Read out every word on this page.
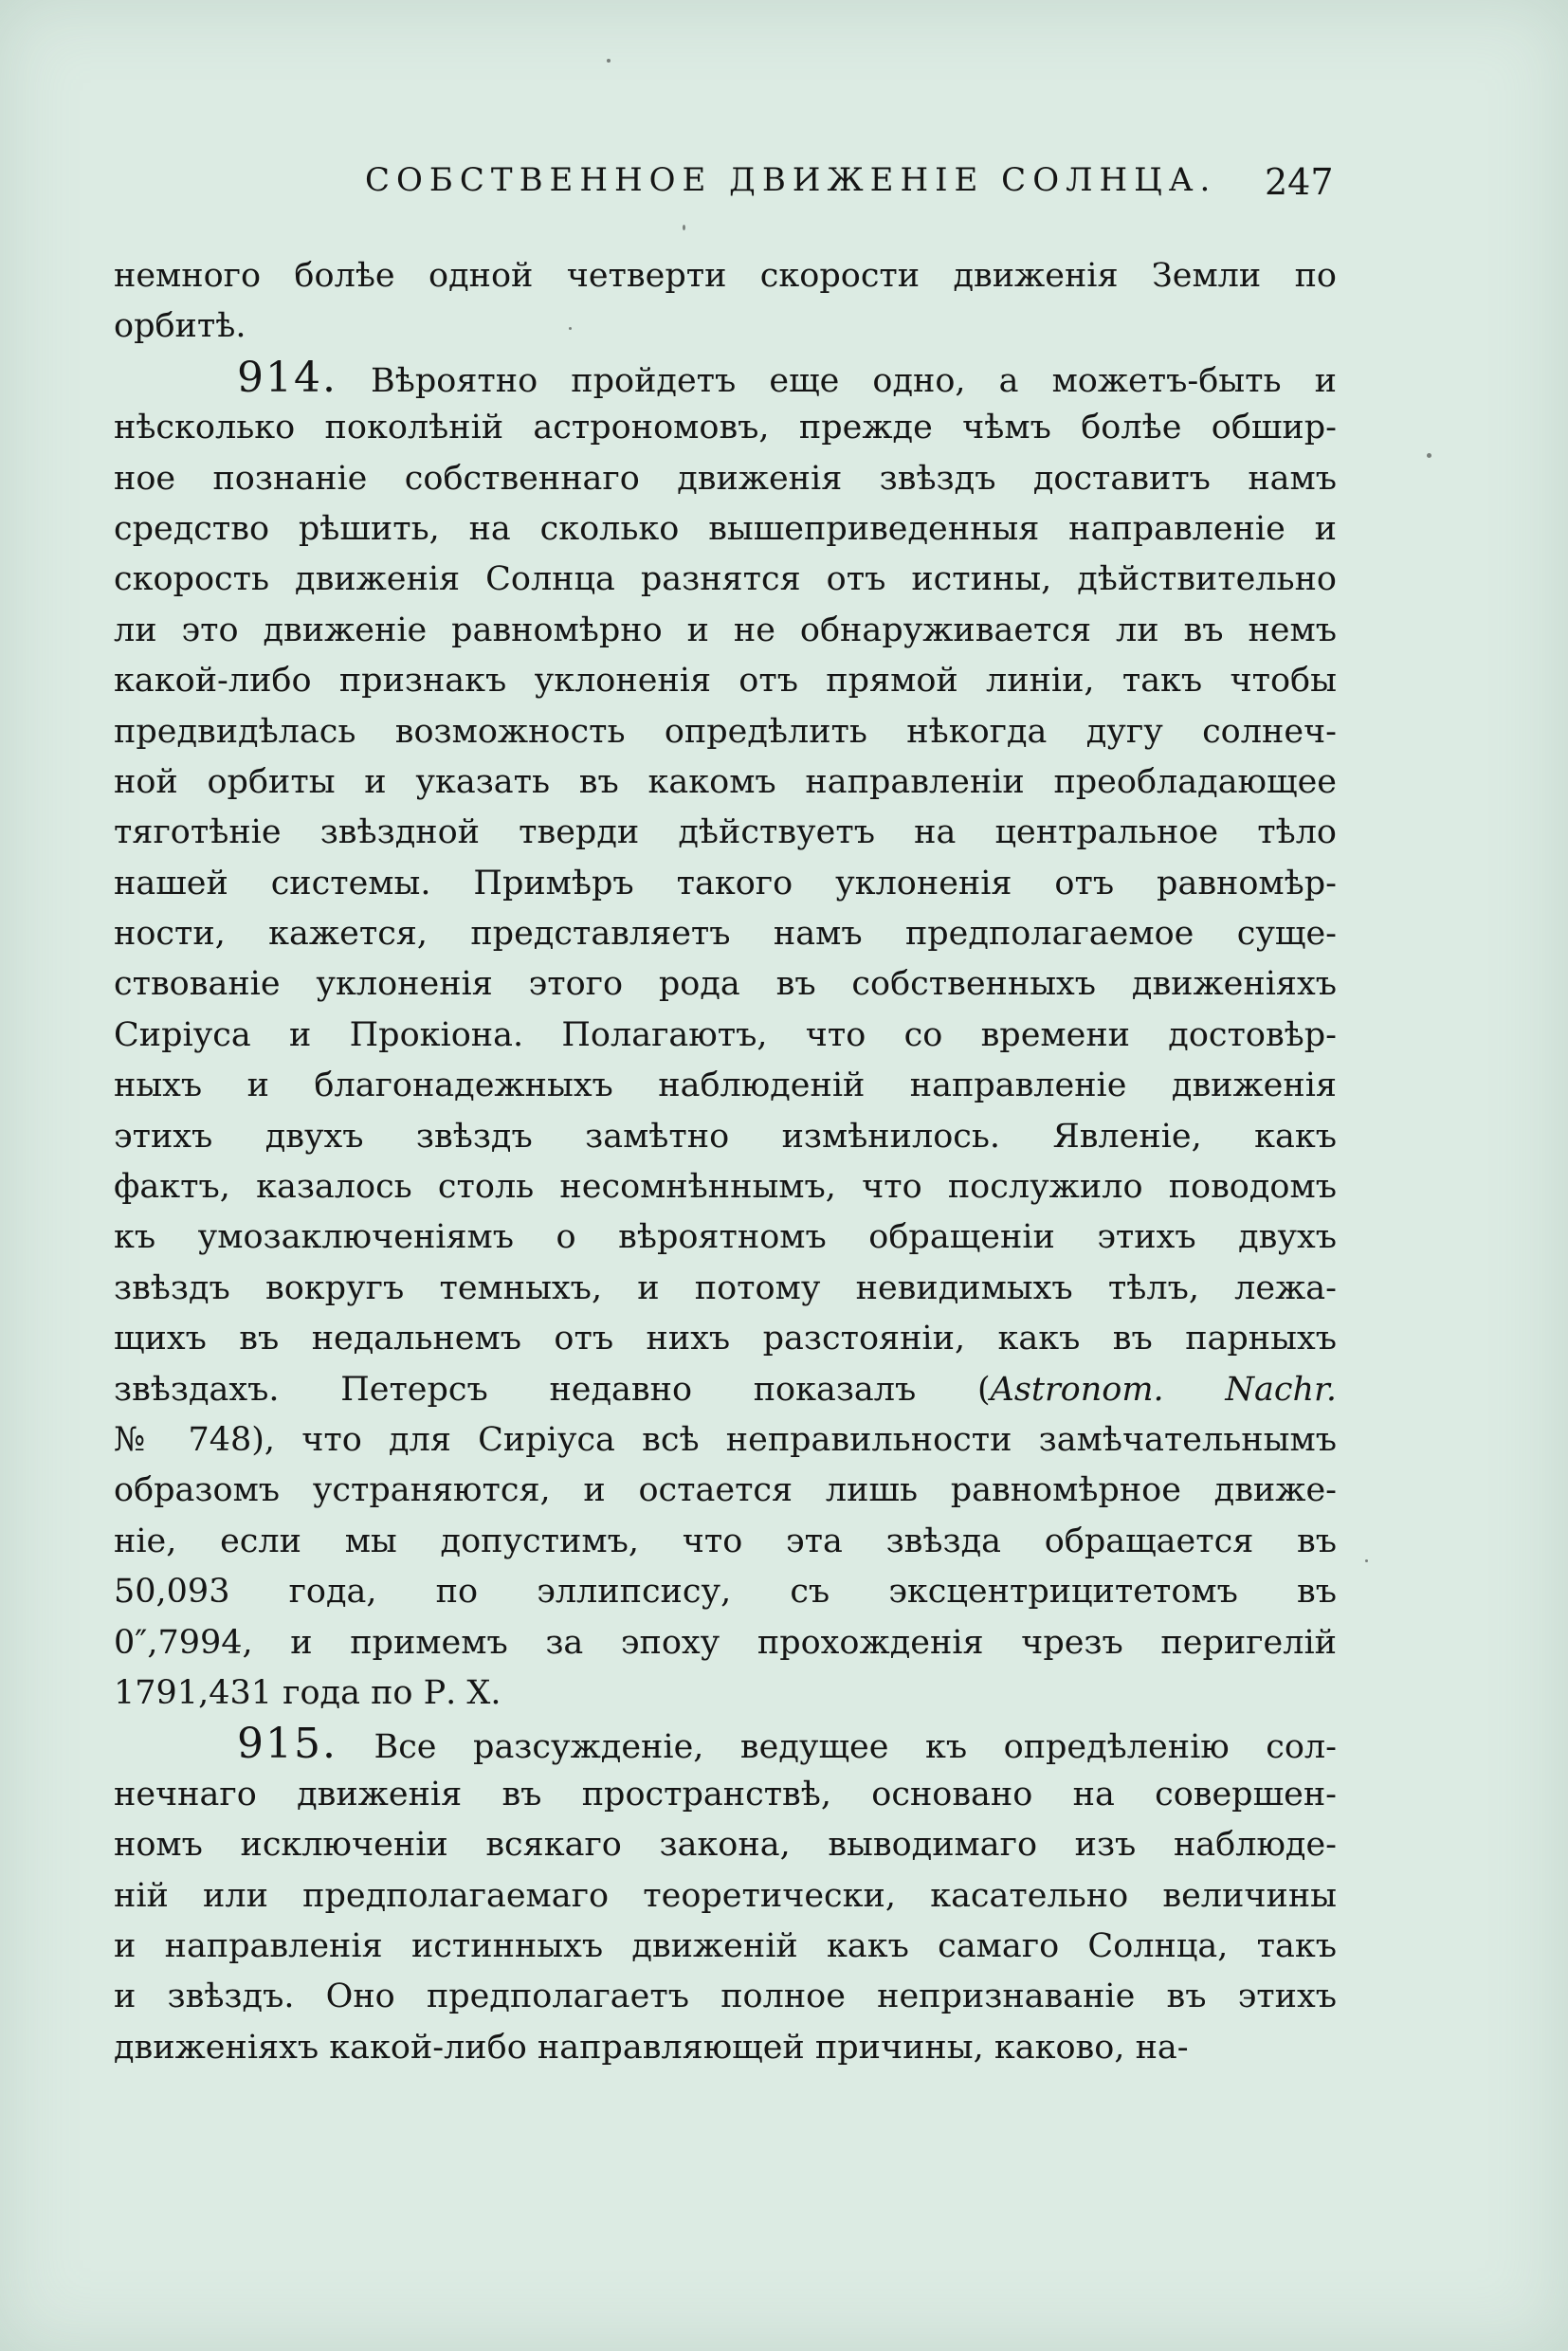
СОБСТВЕННОЕ ДВИЖЕНІЕ СОЛНЦА. 247

немного болѣе одной четверти скорости движенія Земли по

орбитѣ.

914. Вѣроятно пройдетъ еще одно, а можетъ-быть и

нѣсколько поколѣній астрономовъ, прежде чѣмъ болѣе обшир-

ное познаніе собственнаго движенія звѣздъ доставитъ намъ

средство рѣшить, на сколько вышеприведенныя направленіе и

скорость движенія Солнца разнятся отъ истины, дѣйствительно

ли это движеніе равномѣрно и не обнаруживается ли въ немъ

какой-либо признакъ уклоненія отъ прямой линіи, такъ чтобы

предвидѣлась возможность опредѣлить нѣкогда дугу солнеч-

ной орбиты и указать въ какомъ направленіи преобладающее

тяготѣніе звѣздной тверди дѣйствуетъ на центральное тѣло

нашей системы. Примѣръ такого уклоненія отъ равномѣр-

ности, кажется, представляетъ намъ предполагаемое суще-

ствованіе уклоненія этого рода въ собственныхъ движеніяхъ

Сиріуса и Прокіона. Полагаютъ, что со времени достовѣр-

ныхъ и благонадежныхъ наблюденій направленіе движенія

этихъ двухъ звѣздъ замѣтно измѣнилось. Явленіе, какъ

фактъ, казалось столь несомнѣннымъ, что послужило поводомъ

къ умозаключеніямъ о вѣроятномъ обращеніи этихъ двухъ

звѣздъ вокругъ темныхъ, и потому невидимыхъ тѣлъ, лежа-

щихъ въ недальнемъ отъ нихъ разстояніи, какъ въ парныхъ

звѣздахъ. Петерсъ недавно показалъ (Astronom. Nachr.

№ 748), что для Сиріуса всѣ неправильности замѣчательнымъ

образомъ устраняются, и остается лишь равномѣрное движе-

ніе, если мы допустимъ, что эта звѣзда обращается въ

50,093 года, по эллипсису, съ эксцентрицитетомъ въ

0″,7994, и примемъ за эпоху прохожденія чрезъ перигелій

1791,431 года по Р. Х.

915. Все разсужденіе, ведущее къ опредѣленію сол-

нечнаго движенія въ пространствѣ, основано на совершен-

номъ исключеніи всякаго закона, выводимаго изъ наблюде-

ній или предполагаемаго теоретически, касательно величины

и направленія истинныхъ движеній какъ самаго Солнца, такъ

и звѣздъ. Оно предполагаетъ полное непризнаваніе въ этихъ

движеніяхъ какой-либо направляющей причины, каково, на-
